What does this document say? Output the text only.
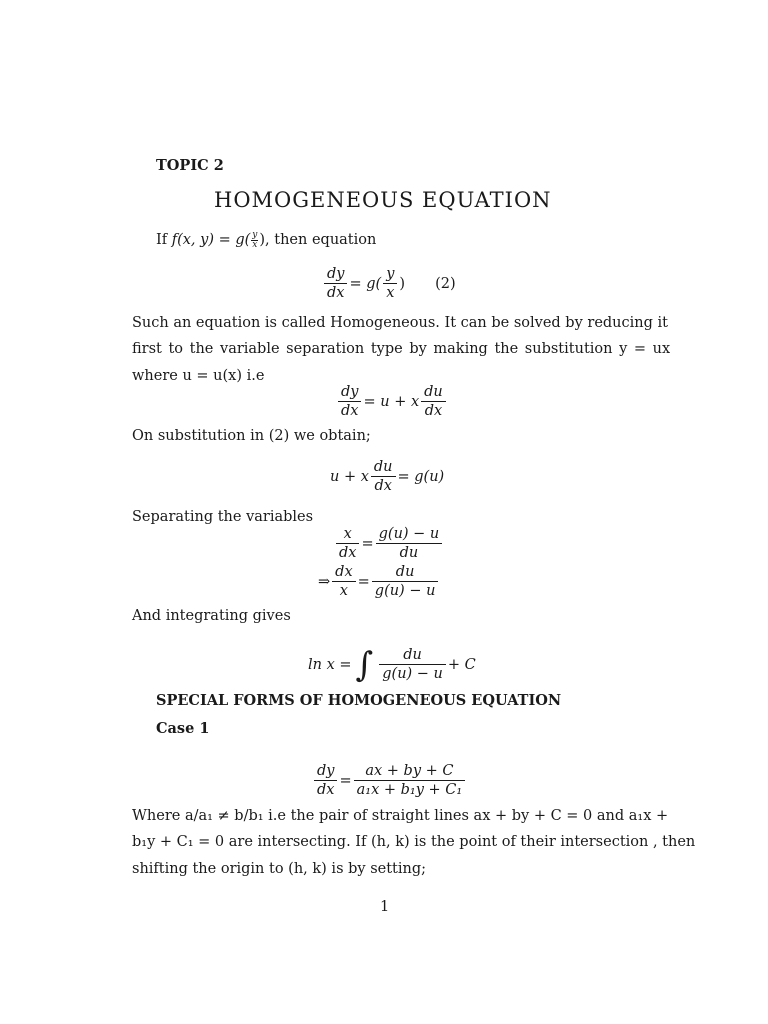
TOPIC 2
HOMOGENEOUS EQUATION
If
f(x, $y) = g( \frac{y}{x}$ ), then equation
$\frac{dy}{dx} = g( \frac{y}{x}$ ) (2)
Such an equation is called Homogeneous. It can be solved by reducing it
first to the variable separation type by making the substitution y = ux
where u = u(x) i.e
$\frac{dy}{dx} = u + x \frac{du}{dx}$
On substitution in (2) we obtain;
u + x $\frac{du}{dx} = g(u)$
Separating the variables
$\frac{x}{dx} = \frac{g(u) - u}{du}$
⇒ $\frac{dx}{x} = \frac{du}{g(u) - u}$
And integrating gives
ln x = ∫ $\frac{du}{g(u) - u} + C$
SPECIAL FORMS OF HOMOGENEOUS EQUATION
Case 1
$\frac{dy}{dx} = \frac{ax + by + C}{\text{a₁x + b₁y + C₁}}$
Where a/a₁ ≠ b/b₁ i.e the pair of straight lines ax + by + C = 0 and a₁x +
b₁y + C₁ = 0 are intersecting. If (h, k) is the point of their intersection , then
shifting the origin to (h, k) is by setting;
1
